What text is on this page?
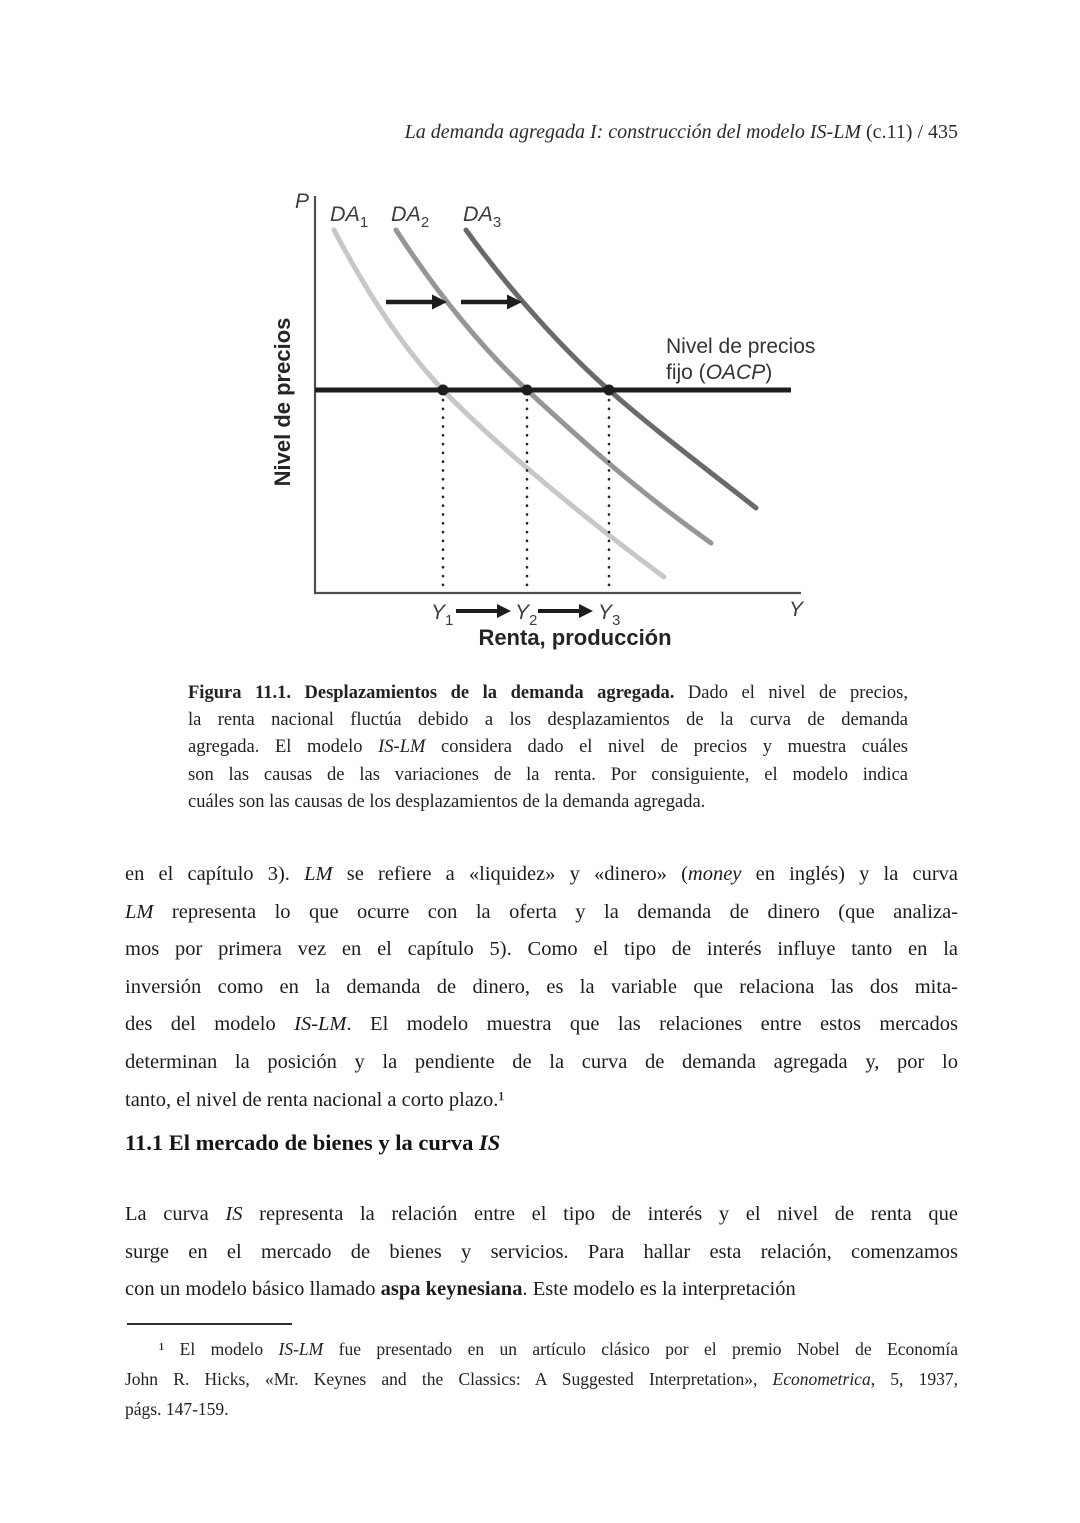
La demanda agregada I: construcción del modelo IS-LM (c.11) / 435
P
Y
$DA_1$ $DA_2$ $DA_3$
Nivel de precios
fijo (OACP)
$Y_1$	$Y_2$	$Y_3$
Renta, producción
Nivel de precios
Figura 11.1. Desplazamientos de la demanda agregada. Dado el nivel de precios,
la renta nacional fluctúa debido a los desplazamientos de la curva de demanda
agregada. El modelo IS-LM considera dado el nivel de precios y muestra cuáles
son las causas de las variaciones de la renta. Por consiguiente, el modelo indica
cuáles son las causas de los desplazamientos de la demanda agregada.
en el capítulo 3). LM se refiere a «liquidez» y «dinero» (money en inglés) y la curva
LM representa lo que ocurre con la oferta y la demanda de dinero (que analiza-
mos por primera vez en el capítulo 5). Como el tipo de interés influye tanto en la
inversión como en la demanda de dinero, es la variable que relaciona las dos mita-
des del modelo IS-LM. El modelo muestra que las relaciones entre estos mercados
determinan la posición y la pendiente de la curva de demanda agregada y, por lo
tanto, el nivel de renta nacional a corto plazo.¹
11.1 El mercado de bienes y la curva IS
La curva IS representa la relación entre el tipo de interés y el nivel de renta que
surge en el mercado de bienes y servicios. Para hallar esta relación, comenzamos
con un modelo básico llamado aspa keynesiana. Este modelo es la interpretación
¹ El modelo IS-LM fue presentado en un artículo clásico por el premio Nobel de Economía
John R. Hicks, «Mr. Keynes and the Classics: A Suggested Interpretation», Econometrica, 5, 1937,
págs. 147-159.
